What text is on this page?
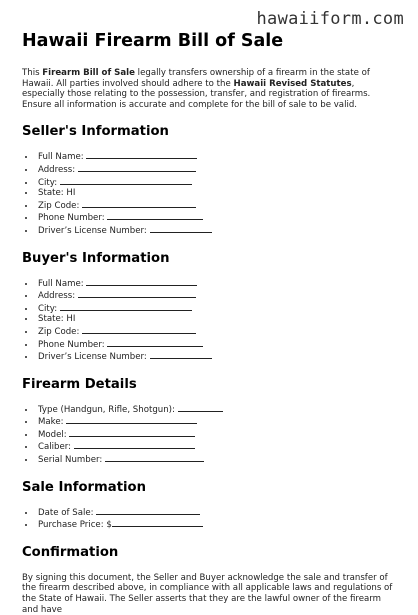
hawaiiform.com
Hawaii Firearm Bill of Sale

This Firearm Bill of Sale legally transfers ownership of a firearm in the state of Hawaii. All parties involved should adhere to the Hawaii Revised Statutes, especially those relating to the possession, transfer, and registration of firearms. Ensure all information is accurate and complete for the bill of sale to be valid.

Seller's Information
• Full Name:
• Address:
• City:
• State: HI
• Zip Code:
• Phone Number:
• Driver’s License Number:
Buyer's Information
• Full Name:
• Address:
• City:
• State: HI
• Zip Code:
• Phone Number:
• Driver’s License Number:
Firearm Details
• Type (Handgun, Rifle, Shotgun):
• Make:
• Model:
• Caliber:
• Serial Number:
Sale Information
• Date of Sale:
• Purchase Price: $
Confirmation

By signing this document, the Seller and Buyer acknowledge the sale and transfer of the firearm described above, in compliance with all applicable laws and regulations of the State of Hawaii. The Seller asserts that they are the lawful owner of the firearm and have
